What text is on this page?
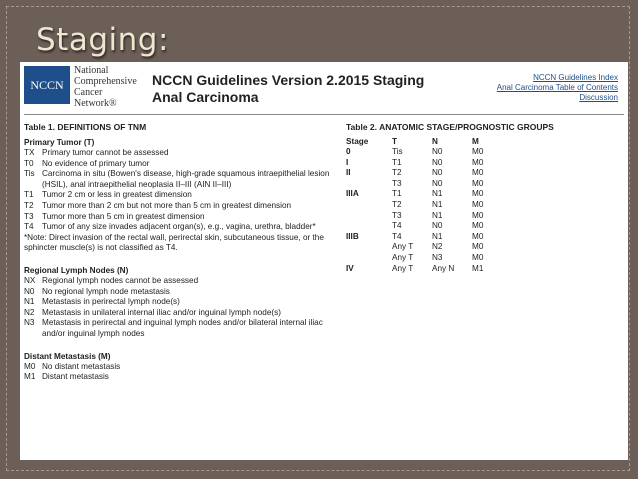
Staging:
NCCN
National
Comprehensive
Cancer
Network®
NCCN Guidelines Version 2.2015 Staging
Anal Carcinoma
NCCN Guidelines Index
Anal Carcinoma Table of Contents
Discussion
Table 1. DEFINITIONS OF TNM	Table 2. ANATOMIC STAGE/PROGNOSTIC GROUPS
Primary Tumor (T)
TX Primary tumor cannot be assessed
T0	No evidence of primary tumor
Tis Carcinoma in situ (Bowen's disease, high-grade squamous intraepithelial lesion (HSIL), anal intraepithelial neoplasia II–III (AIN II–III)
T1	Tumor 2 cm or less in greatest dimension
T2	Tumor more than 2 cm but not more than 5 cm in greatest dimension
T3	Tumor more than 5 cm in greatest dimension
T4	Tumor of any size invades adjacent organ(s), e.g., vagina, urethra, bladder*
*Note: Direct invasion of the rectal wall, perirectal skin, subcutaneous tissue, or the sphincter muscle(s) is not classified as T4.
Regional Lymph Nodes (N)
NX Regional lymph nodes cannot be assessed
N0 No regional lymph node metastasis
N1 Metastasis in perirectal lymph node(s)
N2 Metastasis in unilateral internal iliac and/or inguinal lymph node(s)
N3 Metastasis in perirectal and inguinal lymph nodes and/or bilateral internal iliac and/or inguinal lymph nodes
Distant Metastasis (M)
M0 No distant metastasis
M1 Distant metastasis
Stage	T	N	M
0	Tis	N0	M0
I	T1	N0	M0
II	T2	N0	M0
	T3	N0	M0
IIIA	T1	N1	M0
	T2	N1	M0
	T3	N1	M0
	T4	N0	M0
IIIB	T4	N1	M0
	Any T	N2	M0
	Any T	N3	M0
IV	Any T	Any N	M1
